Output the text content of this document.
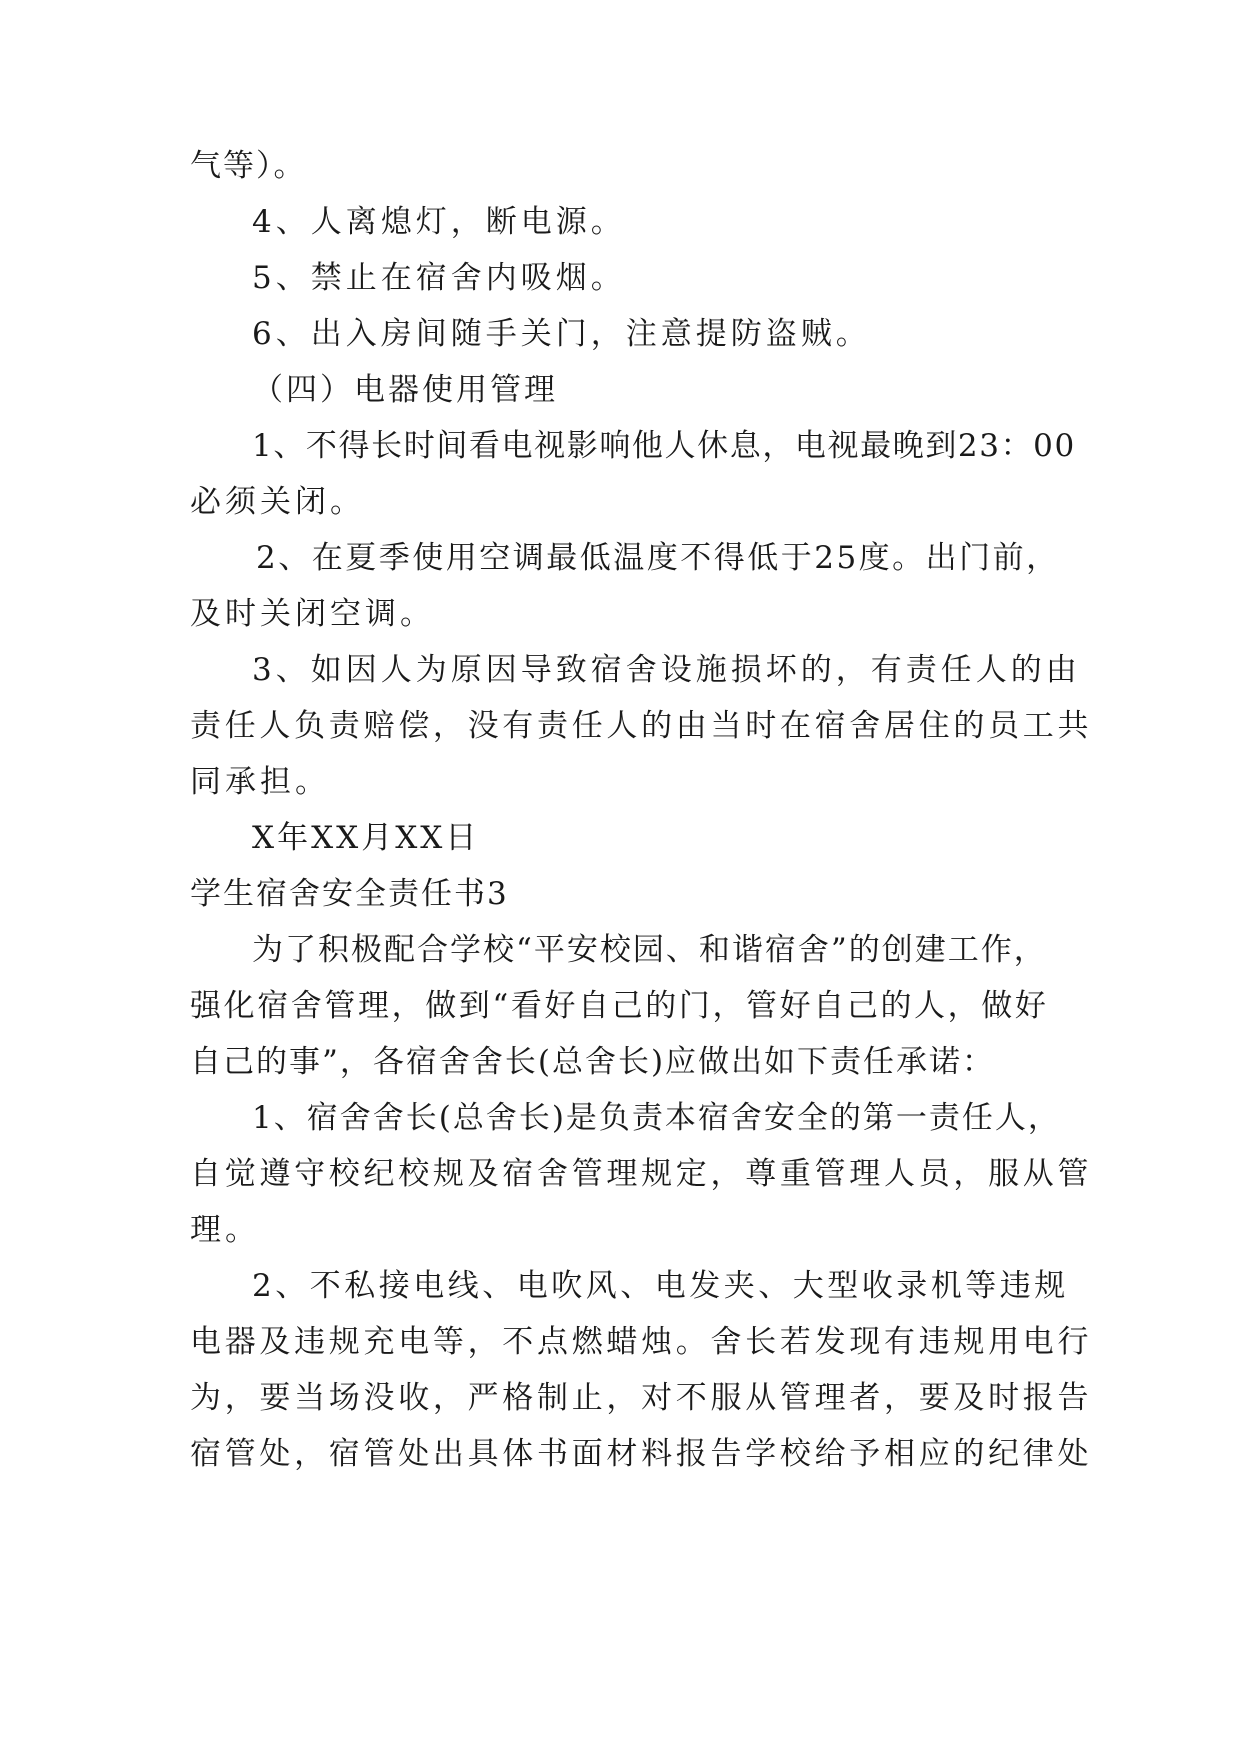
气等）。
4、人离熄灯，断电源。
5、禁止在宿舍内吸烟。
6、出入房间随手关门，注意提防盗贼。
（四）电器使用管理
1、不得长时间看电视影响他人休息，电视最晚到23：00
必须关闭。
2、在夏季使用空调最低温度不得低于25度。出门前，
及时关闭空调。
3、如因人为原因导致宿舍设施损坏的，有责任人的由
责任人负责赔偿，没有责任人的由当时在宿舍居住的员工共
同承担。
X年XX月XX日
学生宿舍安全责任书3
为了积极配合学校“平安校园、和谐宿舍”的创建工作，
强化宿舍管理，做到“看好自己的门，管好自己的人，做好
自己的事”，各宿舍舍长(总舍长)应做出如下责任承诺：
1、宿舍舍长(总舍长)是负责本宿舍安全的第一责任人，
自觉遵守校纪校规及宿舍管理规定，尊重管理人员，服从管
理。
2、不私接电线、电吹风、电发夹、大型收录机等违规
电器及违规充电等，不点燃蜡烛。舍长若发现有违规用电行
为，要当场没收，严格制止，对不服从管理者，要及时报告
宿管处，宿管处出具体书面材料报告学校给予相应的纪律处
